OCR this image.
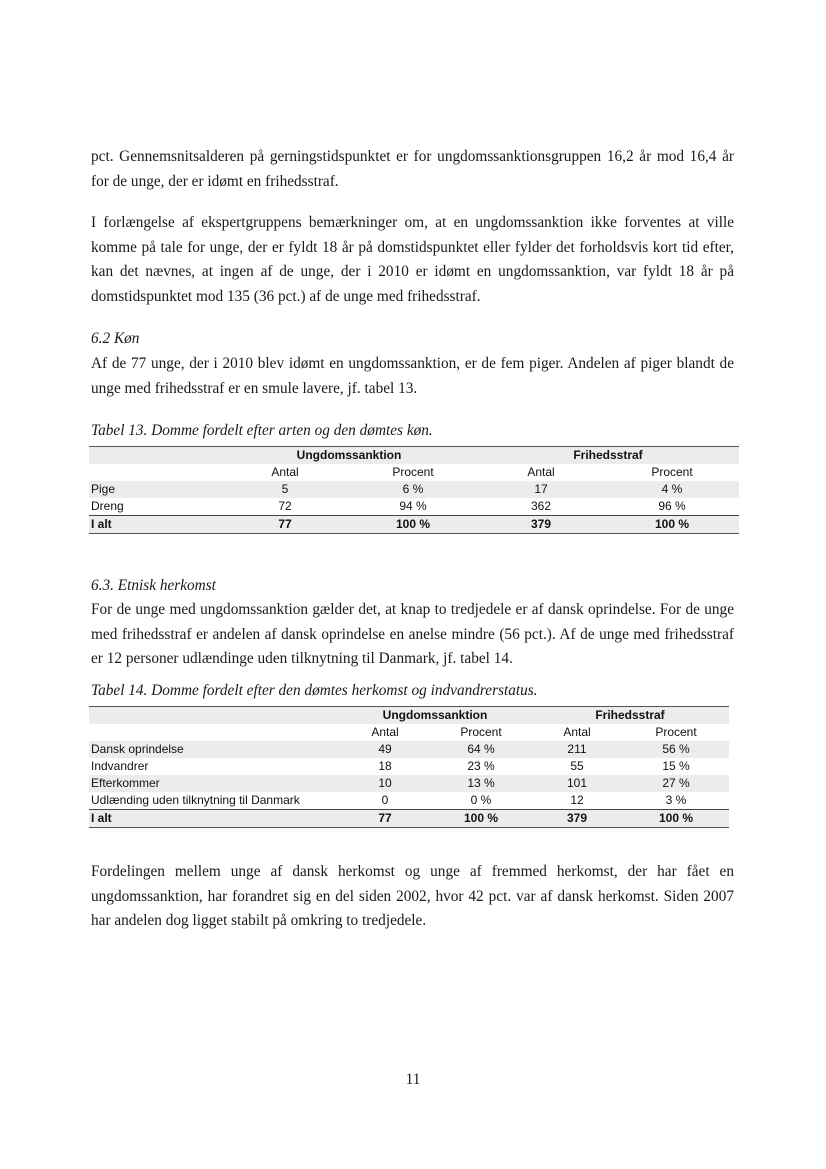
pct. Gennemsnitsalderen på gerningstidspunktet er for ungdomssanktionsgruppen 16,2 år mod 16,4 år for de unge, der er idømt en frihedsstraf.

I forlængelse af ekspertgruppens bemærkninger om, at en ungdomssanktion ikke forventes at ville komme på tale for unge, der er fyldt 18 år på domstidspunktet eller fylder det forholdsvis kort tid efter, kan det nævnes, at ingen af de unge, der i 2010 er idømt en ungdomssanktion, var fyldt 18 år på domstidspunktet mod 135 (36 pct.) af de unge med frihedsstraf.

6.2 Køn

Af de 77 unge, der i 2010 blev idømt en ungdomssanktion, er de fem piger. Andelen af piger blandt de unge med frihedsstraf er en smule lavere, jf. tabel 13.

Tabel 13. Domme fordelt efter arten og den dømtes køn.

	Ungdomssanktion		Frihedsstraf	
	Antal	Procent	Antal	Procent
Pige	5	6 %	17	4 %
Dreng	72	94 %	362	96 %
I alt	77	100 %	379	100 %

6.3. Etnisk herkomst

For de unge med ungdomssanktion gælder det, at knap to tredjedele er af dansk oprindelse. For de unge med frihedsstraf er andelen af dansk oprindelse en anelse mindre (56 pct.). Af de unge med frihedsstraf er 12 personer udlændinge uden tilknytning til Danmark, jf. tabel 14.

Tabel 14. Domme fordelt efter den dømtes herkomst og indvandrerstatus.

	Ungdomssanktion		Frihedsstraf	
	Antal	Procent	Antal	Procent
Dansk oprindelse	49	64 %	211	56 %
Indvandrer	18	23 %	55	15 %
Efterkommer	10	13 %	101	27 %
Udlænding uden tilknytning til Danmark	0	0 %	12	3 %
I alt	77	100 %	379	100 %

Fordelingen mellem unge af dansk herkomst og unge af fremmed herkomst, der har fået en ungdomssanktion, har forandret sig en del siden 2002, hvor 42 pct. var af dansk herkomst. Siden 2007 har andelen dog ligget stabilt på omkring to tredjedele.

11
